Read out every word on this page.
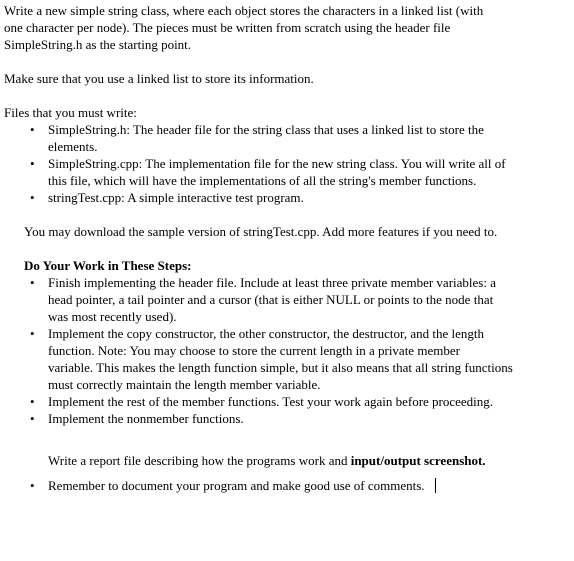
Write a new simple string class, where each object stores the characters in a linked list (with

one character per node). The pieces must be written from scratch using the header file

SimpleString.h as the starting point.

Make sure that you use a linked list to store its information.

Files that you must write:

• SimpleString.h: The header file for the string class that uses a linked list to store the
elements.
• SimpleString.cpp: The implementation file for the new string class. You will write all of
this file, which will have the implementations of all the string's member functions.
• stringTest.cpp: A simple interactive test program.

You may download the sample version of stringTest.cpp. Add more features if you need to.

Do Your Work in These Steps:

• Finish implementing the header file. Include at least three private member variables: a
head pointer, a tail pointer and a cursor (that is either NULL or points to the node that
was most recently used).
• Implement the copy constructor, the other constructor, the destructor, and the length
function. Note: You may choose to store the current length in a private member
variable. This makes the length function simple, but it also means that all string functions
must correctly maintain the length member variable.
• Implement the rest of the member functions. Test your work again before proceeding.
• Implement the nonmember functions.

Write a report file describing how the programs work and input/output screenshot.

• Remember to document your program and make good use of comments.
